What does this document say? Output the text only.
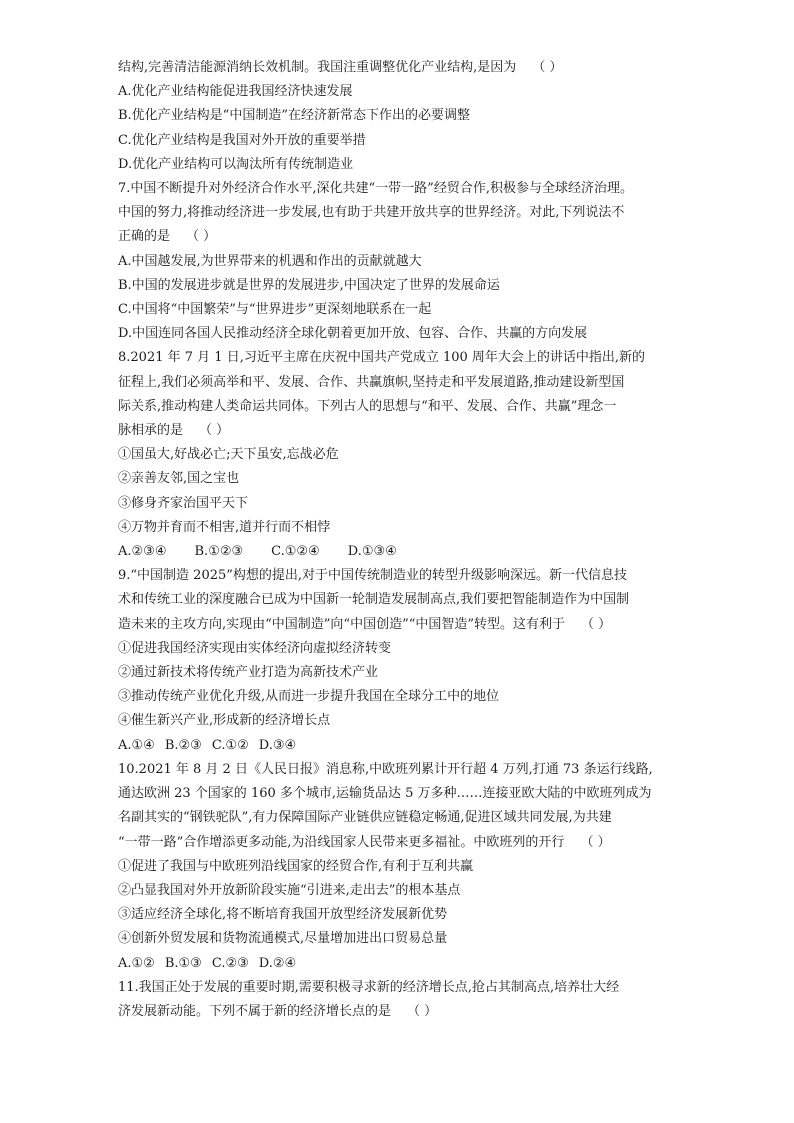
结构,完善清洁能源消纳长效机制。我国注重调整优化产业结构,是因为 （ ）
A.优化产业结构能促进我国经济快速发展
B.优化产业结构是“中国制造”在经济新常态下作出的必要调整
C.优化产业结构是我国对外开放的重要举措
D.优化产业结构可以淘汰所有传统制造业
7.中国不断提升对外经济合作水平,深化共建“一带一路”经贸合作,积极参与全球经济治理。
中国的努力,将推动经济进一步发展,也有助于共建开放共享的世界经济。对此,下列说法不
正确的是 （ ）
A.中国越发展,为世界带来的机遇和作出的贡献就越大
B.中国的发展进步就是世界的发展进步,中国决定了世界的发展命运
C.中国将“中国繁荣”与“世界进步”更深刻地联系在一起
D.中国连同各国人民推动经济全球化朝着更加开放、包容、合作、共赢的方向发展
8.2021 年 7 月 1 日,习近平主席在庆祝中国共产党成立 100 周年大会上的讲话中指出,新的
征程上,我们必须高举和平、发展、合作、共赢旗帜,坚持走和平发展道路,推动建设新型国
际关系,推动构建人类命运共同体。下列古人的思想与“和平、发展、合作、共赢”理念一
脉相承的是 （ ）
①国虽大,好战必亡;天下虽安,忘战必危
②亲善友邻,国之宝也
③修身齐家治国平天下
④万物并育而不相害,道并行而不相悖
A.②③④ B.①②③ C.①②④ D.①③④
9.“中国制造 2025”构想的提出,对于中国传统制造业的转型升级影响深远。新一代信息技
术和传统工业的深度融合已成为中国新一轮制造发展制高点,我们要把智能制造作为中国制
造未来的主攻方向,实现由“中国制造”向“中国创造”“中国智造”转型。这有利于 （ ）
①促进我国经济实现由实体经济向虚拟经济转变
②通过新技术将传统产业打造为高新技术产业
③推动传统产业优化升级,从而进一步提升我国在全球分工中的地位
④催生新兴产业,形成新的经济增长点
A.①④ B.②③ C.①② D.③④
10.2021 年 8 月 2 日《人民日报》消息称,中欧班列累计开行超 4 万列,打通 73 条运行线路,
通达欧洲 23 个国家的 160 多个城市,运输货品达 5 万多种……连接亚欧大陆的中欧班列成为
名副其实的“钢铁驼队”,有力保障国际产业链供应链稳定畅通,促进区域共同发展,为共建
“一带一路”合作增添更多动能,为沿线国家人民带来更多福祉。中欧班列的开行 （ ）
①促进了我国与中欧班列沿线国家的经贸合作,有利于互利共赢
②凸显我国对外开放新阶段实施“引进来,走出去”的根本基点
③适应经济全球化,将不断培育我国开放型经济发展新优势
④创新外贸发展和货物流通模式,尽量增加进出口贸易总量
A.①② B.①③ C.②③ D.②④
11.我国正处于发展的重要时期,需要积极寻求新的经济增长点,抢占其制高点,培养壮大经
济发展新动能。下列不属于新的经济增长点的是 （ ）
